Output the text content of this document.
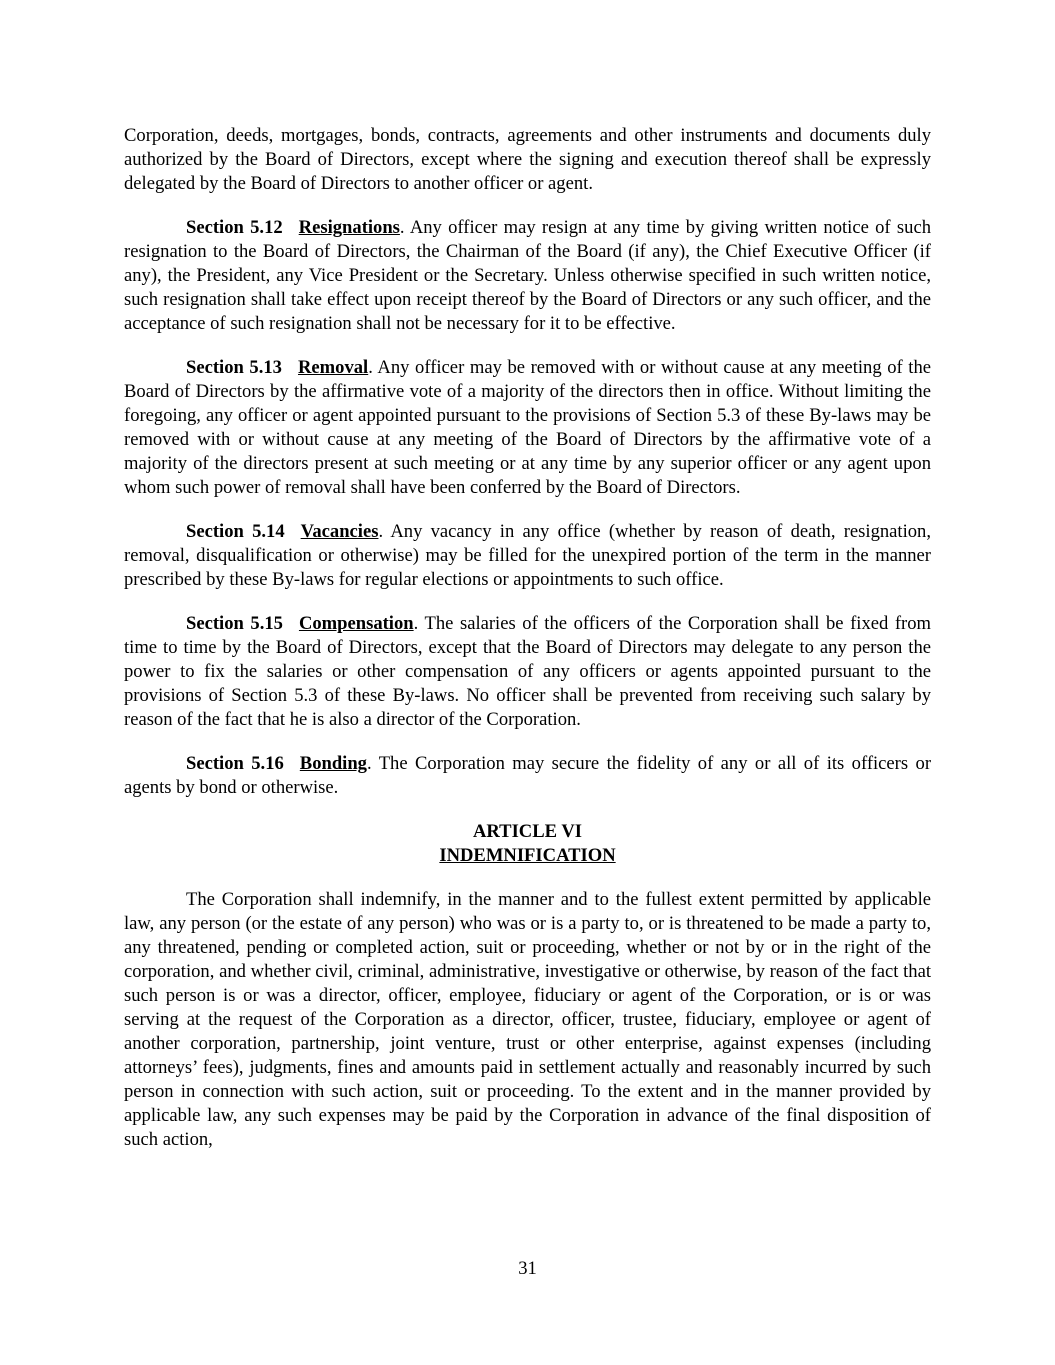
Corporation, deeds, mortgages, bonds, contracts, agreements and other instruments and documents duly authorized by the Board of Directors, except where the signing and execution thereof shall be expressly delegated by the Board of Directors to another officer or agent.

Section 5.12 Resignations. Any officer may resign at any time by giving written notice of such resignation to the Board of Directors, the Chairman of the Board (if any), the Chief Executive Officer (if any), the President, any Vice President or the Secretary. Unless otherwise specified in such written notice, such resignation shall take effect upon receipt thereof by the Board of Directors or any such officer, and the acceptance of such resignation shall not be necessary for it to be effective.

Section 5.13 Removal. Any officer may be removed with or without cause at any meeting of the Board of Directors by the affirmative vote of a majority of the directors then in office. Without limiting the foregoing, any officer or agent appointed pursuant to the provisions of Section 5.3 of these By-laws may be removed with or without cause at any meeting of the Board of Directors by the affirmative vote of a majority of the directors present at such meeting or at any time by any superior officer or any agent upon whom such power of removal shall have been conferred by the Board of Directors.

Section 5.14 Vacancies. Any vacancy in any office (whether by reason of death, resignation, removal, disqualification or otherwise) may be filled for the unexpired portion of the term in the manner prescribed by these By-laws for regular elections or appointments to such office.

Section 5.15 Compensation. The salaries of the officers of the Corporation shall be fixed from time to time by the Board of Directors, except that the Board of Directors may delegate to any person the power to fix the salaries or other compensation of any officers or agents appointed pursuant to the provisions of Section 5.3 of these By-laws. No officer shall be prevented from receiving such salary by reason of the fact that he is also a director of the Corporation.

Section 5.16 Bonding. The Corporation may secure the fidelity of any or all of its officers or agents by bond or otherwise.

ARTICLE VI
INDEMNIFICATION

The Corporation shall indemnify, in the manner and to the fullest extent permitted by applicable law, any person (or the estate of any person) who was or is a party to, or is threatened to be made a party to, any threatened, pending or completed action, suit or proceeding, whether or not by or in the right of the corporation, and whether civil, criminal, administrative, investigative or otherwise, by reason of the fact that such person is or was a director, officer, employee, fiduciary or agent of the Corporation, or is or was serving at the request of the Corporation as a director, officer, trustee, fiduciary, employee or agent of another corporation, partnership, joint venture, trust or other enterprise, against expenses (including attorneys’ fees), judgments, fines and amounts paid in settlement actually and reasonably incurred by such person in connection with such action, suit or proceeding. To the extent and in the manner provided by applicable law, any such expenses may be paid by the Corporation in advance of the final disposition of such action,

31
